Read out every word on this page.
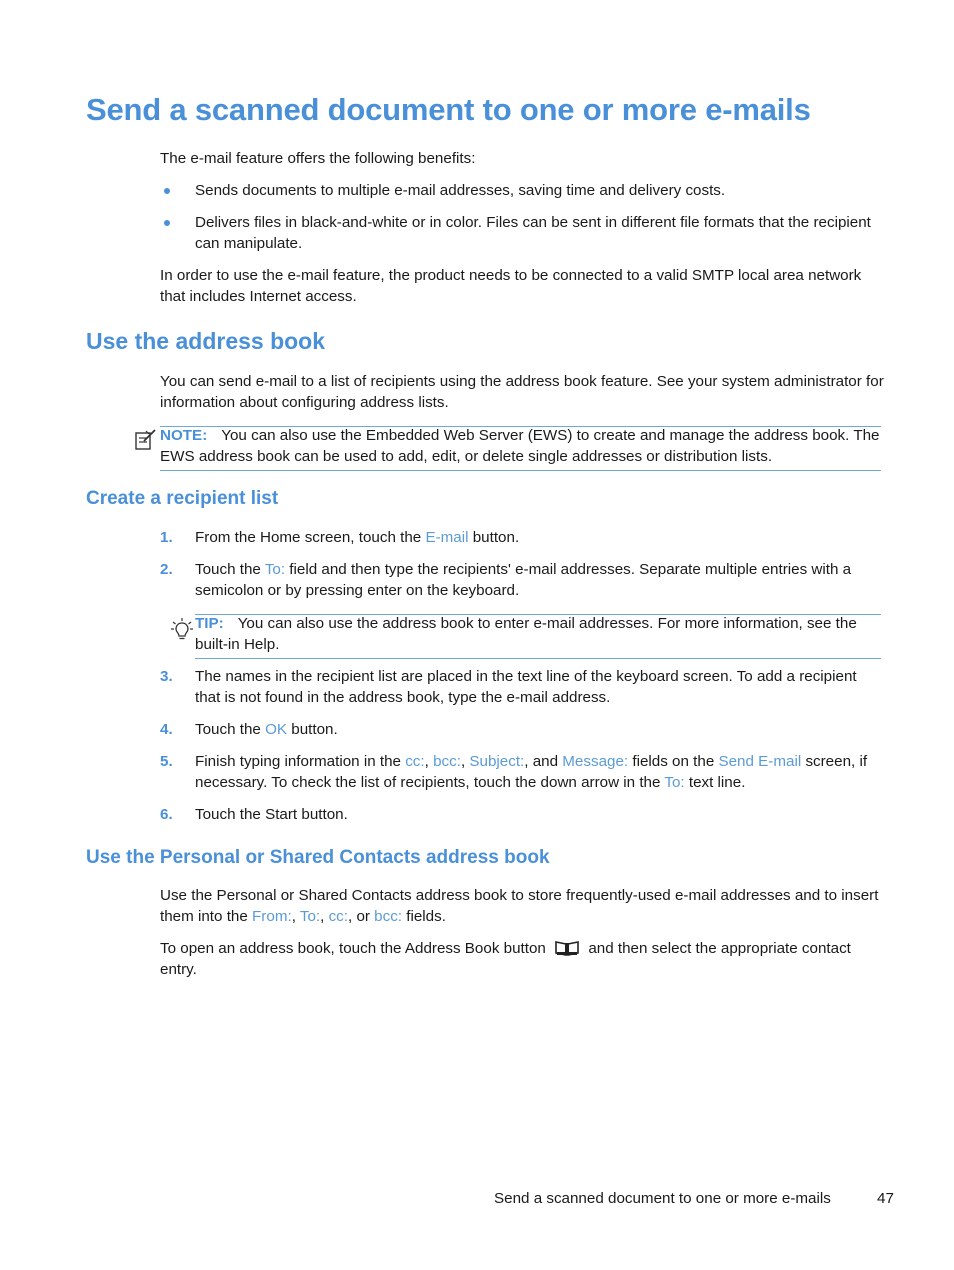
Send a scanned document to one or more e-mails

The e-mail feature offers the following benefits:

Sends documents to multiple e-mail addresses, saving time and delivery costs.
Delivers files in black-and-white or in color. Files can be sent in different file formats that the recipient can manipulate.

In order to use the e-mail feature, the product needs to be connected to a valid SMTP local area network that includes Internet access.

Use the address book

You can send e-mail to a list of recipients using the address book feature. See your system administrator for information about configuring address lists.

NOTE: You can also use the Embedded Web Server (EWS) to create and manage the address book. The EWS address book can be used to add, edit, or delete single addresses or distribution lists.
Create a recipient list
1. From the Home screen, touch the E-mail button.
2. Touch the To: field and then type the recipients' e-mail addresses. Separate multiple entries with a semicolon or by pressing enter on the keyboard.
TIP: You can also use the address book to enter e-mail addresses. For more information, see the built-in Help.
3. The names in the recipient list are placed in the text line of the keyboard screen. To add a recipient that is not found in the address book, type the e-mail address.
4. Touch the OK button.
5. Finish typing information in the cc:, bcc:, Subject:, and Message: fields on the Send E-mail screen, if necessary. To check the list of recipients, touch the down arrow in the To: text line.
6. Touch the Start button.
Use the Personal or Shared Contacts address book

Use the Personal or Shared Contacts address book to store frequently-used e-mail addresses and to insert them into the From:, To:, cc:, or bcc: fields.

To open an address book, touch the Address Book button  and then select the appropriate contact entry.

Send a scanned document to one or more e-mails	47
